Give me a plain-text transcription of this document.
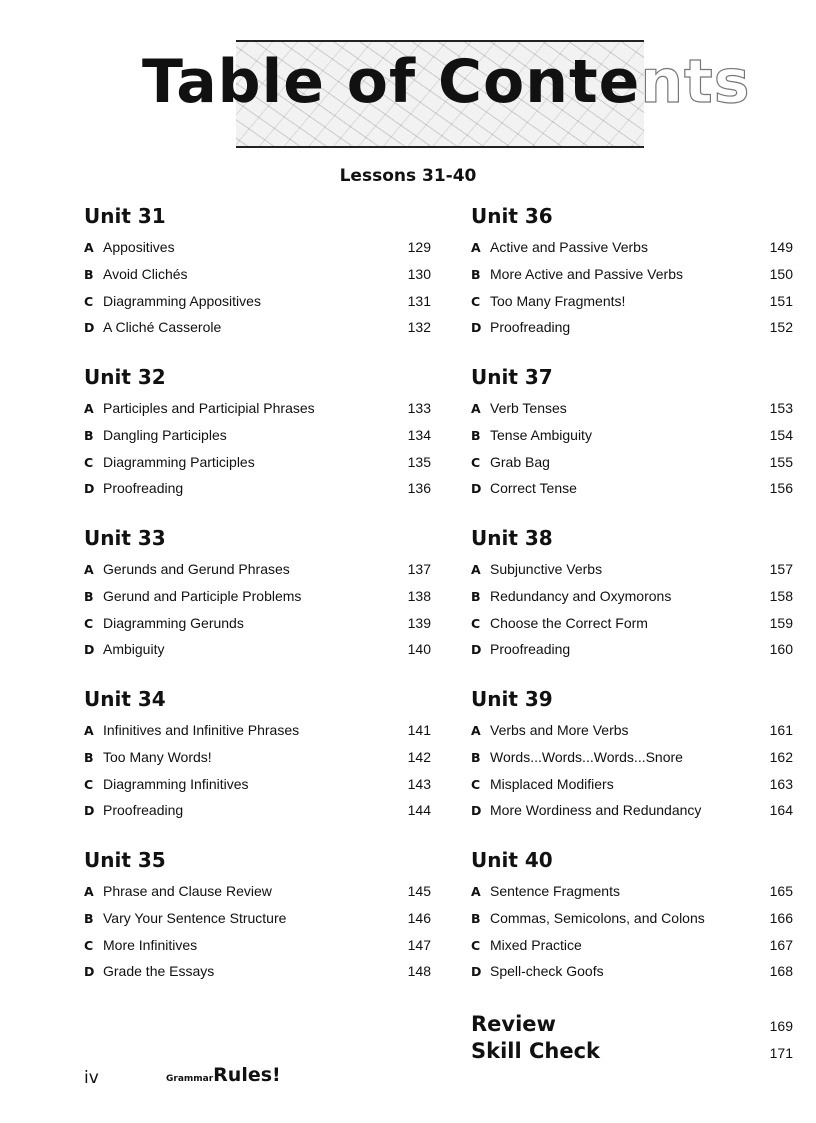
Table of Contents
Lessons 31-40
Unit 31
A Appositives	129
B Avoid Clichés	130
C Diagramming Appositives	131
D A Cliché Casserole	132
Unit 32
A Participles and Participial Phrases	133
B Dangling Participles	134
C Diagramming Participles	135
D Proofreading	136
Unit 33
A Gerunds and Gerund Phrases	137
B Gerund and Participle Problems	138
C Diagramming Gerunds	139
D Ambiguity	140
Unit 34
A Infinitives and Infinitive Phrases	141
B Too Many Words!	142
C Diagramming Infinitives	143
D Proofreading	144
Unit 35
A Phrase and Clause Review	145
B Vary Your Sentence Structure	146
C More Infinitives	147
D Grade the Essays	148
Unit 36
A Active and Passive Verbs	149
B More Active and Passive Verbs	150
C Too Many Fragments!	151
D Proofreading	152
Unit 37
A Verb Tenses	153
B Tense Ambiguity	154
C Grab Bag	155
D Correct Tense	156
Unit 38
A Subjunctive Verbs	157
B Redundancy and Oxymorons	158
C Choose the Correct Form	159
D Proofreading	160
Unit 39
A Verbs and More Verbs	161
B Words...Words...Words...Snore	162
C Misplaced Modifiers	163
D More Wordiness and Redundancy	164
Unit 40
A Sentence Fragments	165
B Commas, Semicolons, and Colons	166
C Mixed Practice	167
D Spell-check Goofs	168
Review	169
Skill Check	171
iv	GrammarRules!
